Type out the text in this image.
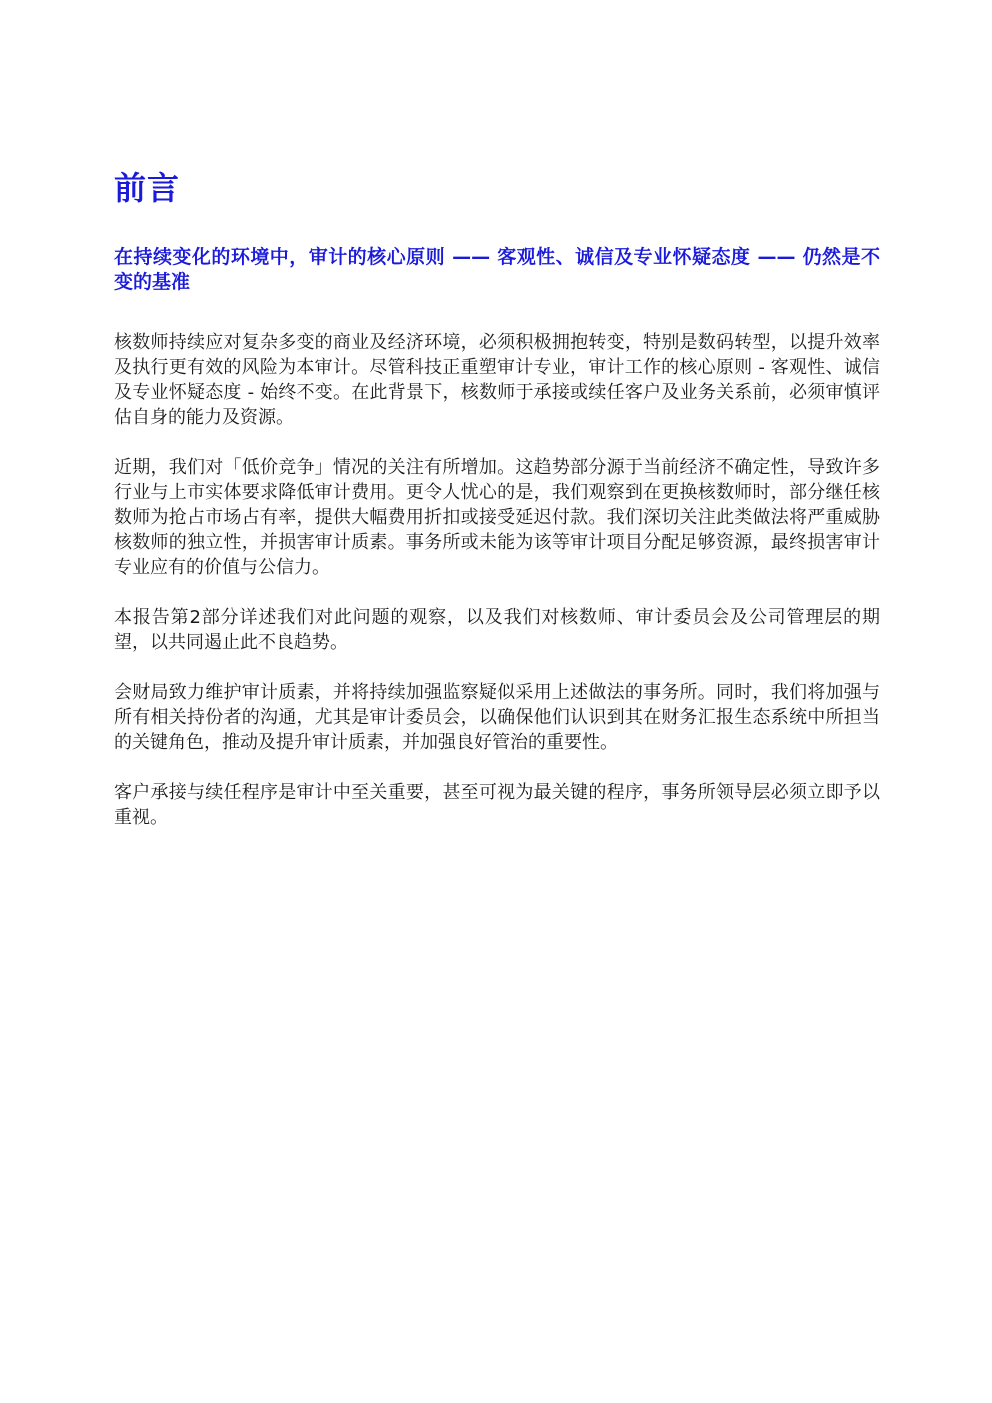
前言

在持续变化的环境中，审计的核心原则 —— 客观性、诚信及专业怀疑态度 —— 仍然是不变的基准

核数师持续应对复杂多变的商业及经济环境，必须积极拥抱转变，特别是数码转型，以提升效率及执行更有效的风险为本审计。尽管科技正重塑审计专业，审计工作的核心原则 - 客观性、诚信及专业怀疑态度 - 始终不变。在此背景下，核数师于承接或续任客户及业务关系前，必须审慎评估自身的能力及资源。

近期，我们对「低价竞争」情况的关注有所增加。这趋势部分源于当前经济不确定性，导致许多行业与上市实体要求降低审计费用。更令人忧心的是，我们观察到在更换核数师时，部分继任核数师为抢占市场占有率，提供大幅费用折扣或接受延迟付款。我们深切关注此类做法将严重威胁核数师的独立性，并损害审计质素。事务所或未能为该等审计项目分配足够资源，最终损害审计专业应有的价值与公信力。

本报告第2部分详述我们对此问题的观察，以及我们对核数师、审计委员会及公司管理层的期望，以共同遏止此不良趋势。

会财局致力维护审计质素，并将持续加强监察疑似采用上述做法的事务所。同时，我们将加强与所有相关持份者的沟通，尤其是审计委员会，以确保他们认识到其在财务汇报生态系统中所担当的关键角色，推动及提升审计质素，并加强良好管治的重要性。

客户承接与续任程序是审计中至关重要，甚至可视为最关键的程序，事务所领导层必须立即予以重视。
